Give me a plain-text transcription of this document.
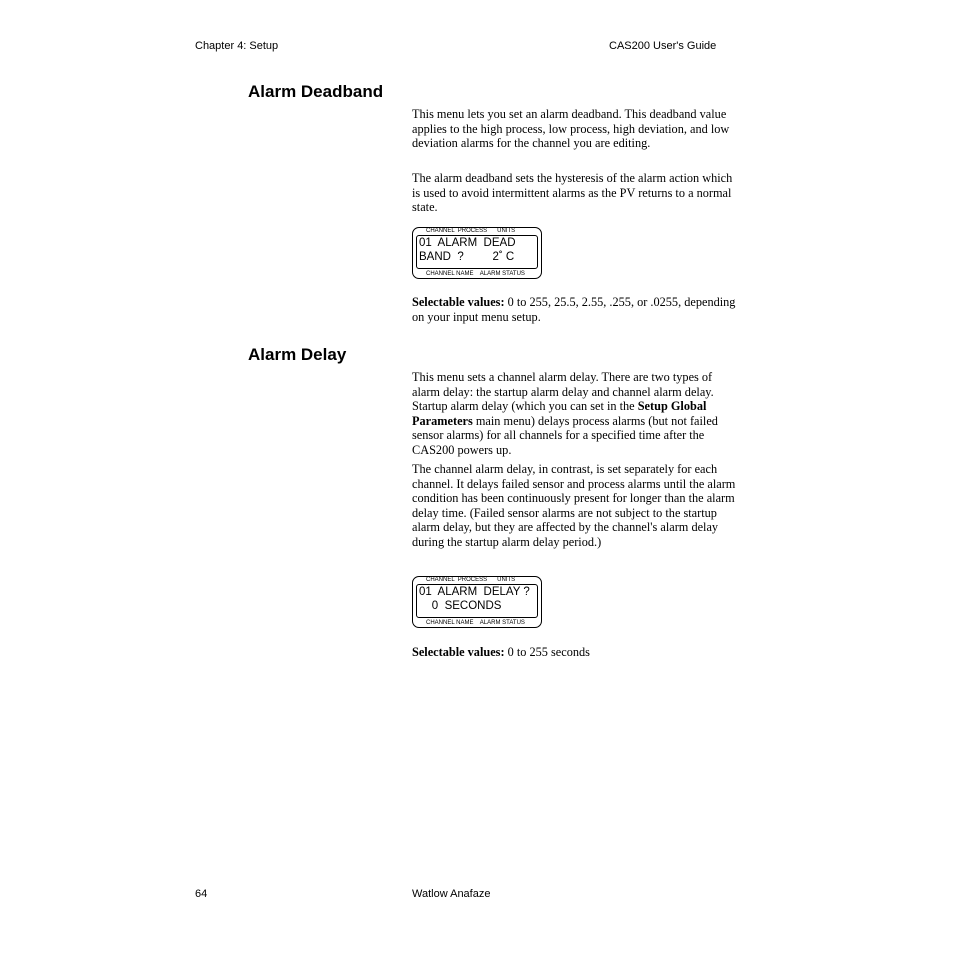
Chapter 4: Setup	CAS200 User's Guide
Alarm Deadband

This menu lets you set an alarm deadband. This deadband value applies to the high process, low process, high deviation, and low deviation alarms for the channel you are editing.

The alarm deadband sets the hysteresis of the alarm action which is used to avoid intermittent alarms as the PV returns to a normal state.

CHANNEL  PROCESS      UNITS
01  ALARM  DEAD
BAND  ?         2˚ C
CHANNEL NAME    ALARM STATUS

Selectable values: 0 to 255, 25.5, 2.55, .255, or .0255, depending on your input menu setup.

Alarm Delay

This menu sets a channel alarm delay. There are two types of alarm delay: the startup alarm delay and channel alarm delay. Startup alarm delay (which you can set in the Setup Global Parameters main menu) delays process alarms (but not failed sensor alarms) for all channels for a specified time after the CAS200 powers up.

The channel alarm delay, in contrast, is set separately for each channel. It delays failed sensor and process alarms until the alarm condition has been continuously present for longer than the alarm delay time. (Failed sensor alarms are not subject to the startup alarm delay, but they are affected by the channel's alarm delay during the startup alarm delay period.)

CHANNEL  PROCESS      UNITS
01  ALARM  DELAY ?
0  SECONDS
CHANNEL NAME    ALARM STATUS

Selectable values: 0 to 255 seconds

64	Watlow Anafaze
